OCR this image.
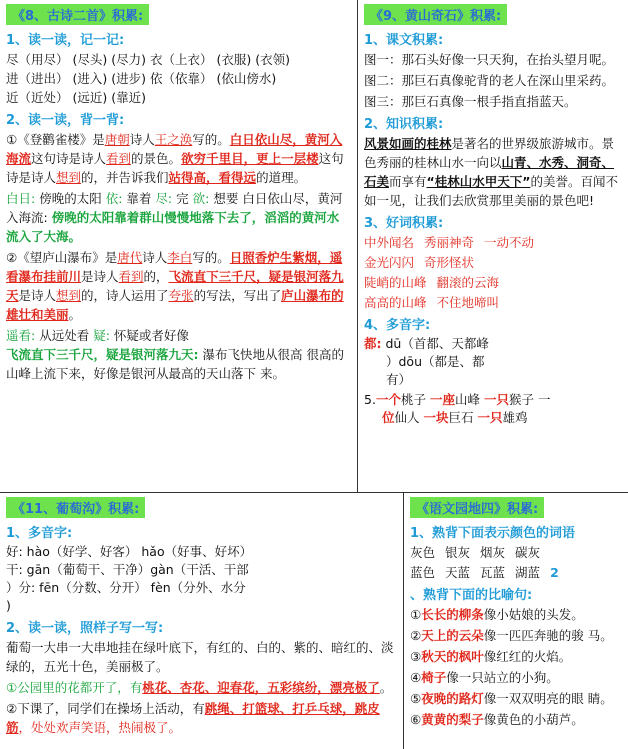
《8、古诗二首》积累:
1、读一读，记一记:
尽（用尽） (尽头) (尽力) 衣（上衣） (衣服) (衣领)
进（进出） (进入) (进步) 依（依靠） (依山傍水)
近（近处） (远近) (靠近)
2、读一读，背一背:
①《登鹳雀楼》是唐朝诗人王之涣写的。白日依山尽，黄河入海流这句诗是诗人看到的景色。欲穷千里目，更上一层楼这句诗是诗人想到的，并告诉我们站得高，看得远的道理。
白日: 傍晚的太阳 依: 靠着 尽: 完 欲: 想要 白日依山尽，黄河入海流: 傍晚的太阳靠着群山慢慢地落下去了，滔滔的黄河水流入了大海。
②《望庐山瀑布》是唐代诗人李白写的。日照香炉生紫烟，遥看瀑布挂前川是诗人看到的，飞流直下三千尺，疑是银河落九天是诗人想到的，诗人运用了夸张的写法，写出了庐山瀑布的雄壮和美丽。
遥看: 从远处看 疑: 怀疑或者好像
飞流直下三千尺，疑是银河落九天: 瀑布飞快地从很高 很高的山峰上流下来，好像是银河从最高的天山落下 来。
《9、黄山奇石》积累:
1、课文积累:
图一：那石头好像一只天狗，在抬头望月呢。
图二：那巨石真像驼背的老人在深山里采药。
图三：那巨石真像一根手指直指蓝天。
2、知识积累:
风景如画的桂林是著名的世界级旅游城市。景色秀丽的桂林山水一向以山青、水秀、洞奇、石美而享有“桂林山水甲天下”的美誉。百闻不如一见，让我们去欣赏那里美丽的景色吧!
3、好词积累:
中外闻名 秀丽神奇 一动不动
金光闪闪 奇形怪状
陡峭的山峰 翻滚的云海
高高的山峰 不住地啼叫
4、多音字:
都: dū（首都、天都峰
）dōu（都是、都
有）
5.一个桃子 一座山峰 一只猴子 一
位仙人 一块巨石 一只雄鸡
《11、葡萄沟》积累:
1、多音字:
好: hào（好学、好客） hǎo（好事、好坏）
干: gān（葡萄干、干净）gàn（干活、干部
）分: fēn（分数、分开） fèn（分外、水分
)
2、读一读，照样子写一写:
葡萄一大串一大串地挂在绿叶底下，有红的、白的、紫的、暗红的、淡绿的，五光十色，美丽极了。
①公园里的花都开了，有桃花、杏花、迎春花，五彩缤纷，漂亮极了。
②下课了，同学们在操场上活动，有跳绳、打篮球、打乒乓球，跳皮筋，处处欢声笑语，热闹极了。
《语文园地四》积累:
1、熟背下面表示颜色的词语
灰色 银灰 烟灰 碳灰
蓝色 天蓝 瓦蓝 湖蓝 2
、熟背下面的比喻句:
①长长的柳条像小姑娘的头发。
②天上的云朵像一匹匹奔驰的骏 马。
③秋天的枫叶像红红的火焰。
④椅子像一只站立的小狗。
⑤夜晚的路灯像一双双明亮的眼 睛。
⑥黄黄的梨子像黄色的小葫芦。
